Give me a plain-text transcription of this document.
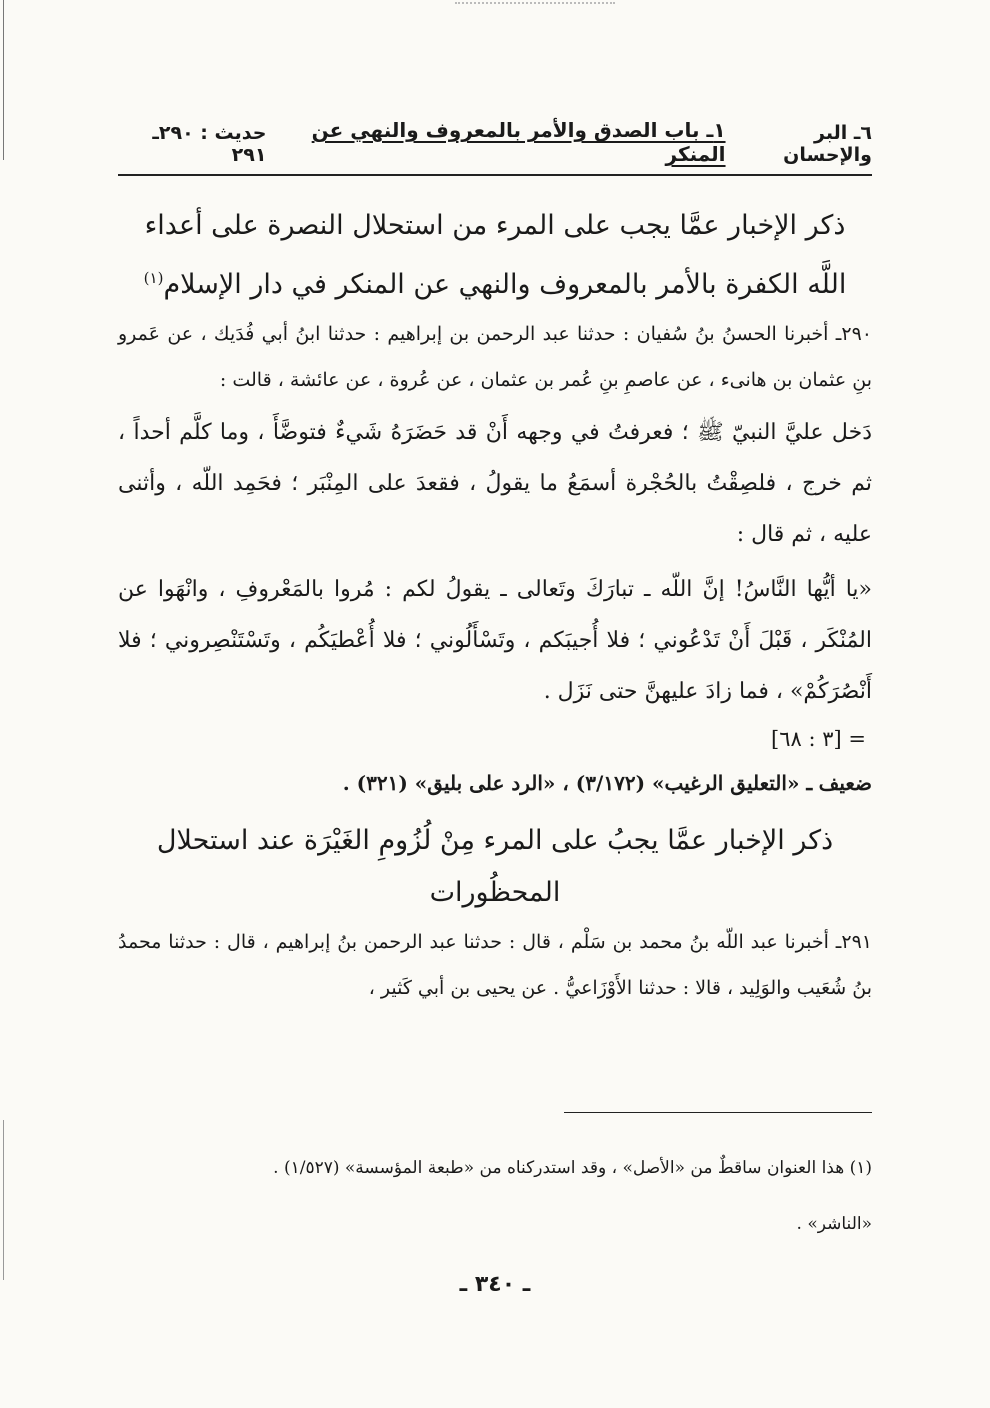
٦ـ البر والإحسان
١ـ باب الصدق والأمر بالمعروف والنهي عن المنكر
حديث : ٢٩٠ـ ٢٩١
ذكر الإخبار عمَّا يجب على المرء من استحلال النصرة على أعداء اللَّه الكفرة بالأمر بالمعروف والنهي عن المنكر في دار الإسلام$^{(١)}$

٢٩٠ـ أخبرنا الحسنُ بنُ سُفيان : حدثنا عبد الرحمن بن إبراهيم : حدثنا ابنُ أبي فُدَيك ، عن عَمرو بنِ عثمان بن هانىء ، عن عاصمِ بنِ عُمر بن عثمان ، عن عُروة ، عن عائشة ، قالت :

دَخل عليَّ النبيّ ﷺ ؛ فعرفتُ في وجهه أَنْ قد حَضَرَهُ شَيءٌ فتوضَّأَ ، وما كلَّم أحداً ، ثم خرج ، فلصِقْتُ بالحُجْرة أسمَعُ ما يقولُ ، فقعدَ على المِنْبَر ؛ فحَمِد اللّه ، وأثنى عليه ، ثم قال :

«يا أيُّها النَّاسُ! إنَّ اللّه ـ تبارَكَ وتَعالى ـ يقولُ لكم : مُروا بالمَعْروفِ ، وانْهَوا عن المُنْكَر ، قَبْلَ أَنْ تَدْعُوني ؛ فلا أُجيبَكم ، وتَسْأَلُوني ؛ فلا أُعْطيَكُم ، وتَسْتَنْصِروني ؛ فلا أَنْصُرَكُمْ» ، فما زادَ عليهنَّ حتى نَزَل .

= [٣ : ٦٨]

ضعيف ـ «التعليق الرغيب» (٣/١٧٢) ، «الرد على بليق» (٣٢١) .

ذكر الإخبار عمَّا يجبُ على المرء مِنْ لُزُومِ الغَيْرَة عند استحلال المحظُورات

٢٩١ـ أخبرنا عبد اللّه بنُ محمد بن سَلْم ، قال : حدثنا عبد الرحمن بنُ إبراهيم ، قال : حدثنا محمدُ بنُ شُعَيب والوَلِيد ، قالا : حدثنا الأَوْزَاعيُّ . عن يحيى بن أبي كَثير ،

(١) هذا العنوان ساقطٌ من «الأصل» ، وقد استدركناه من «طبعة المؤسسة» (١/٥٢٧) .
«الناشر» .
ـ ٣٤٠ ـ
